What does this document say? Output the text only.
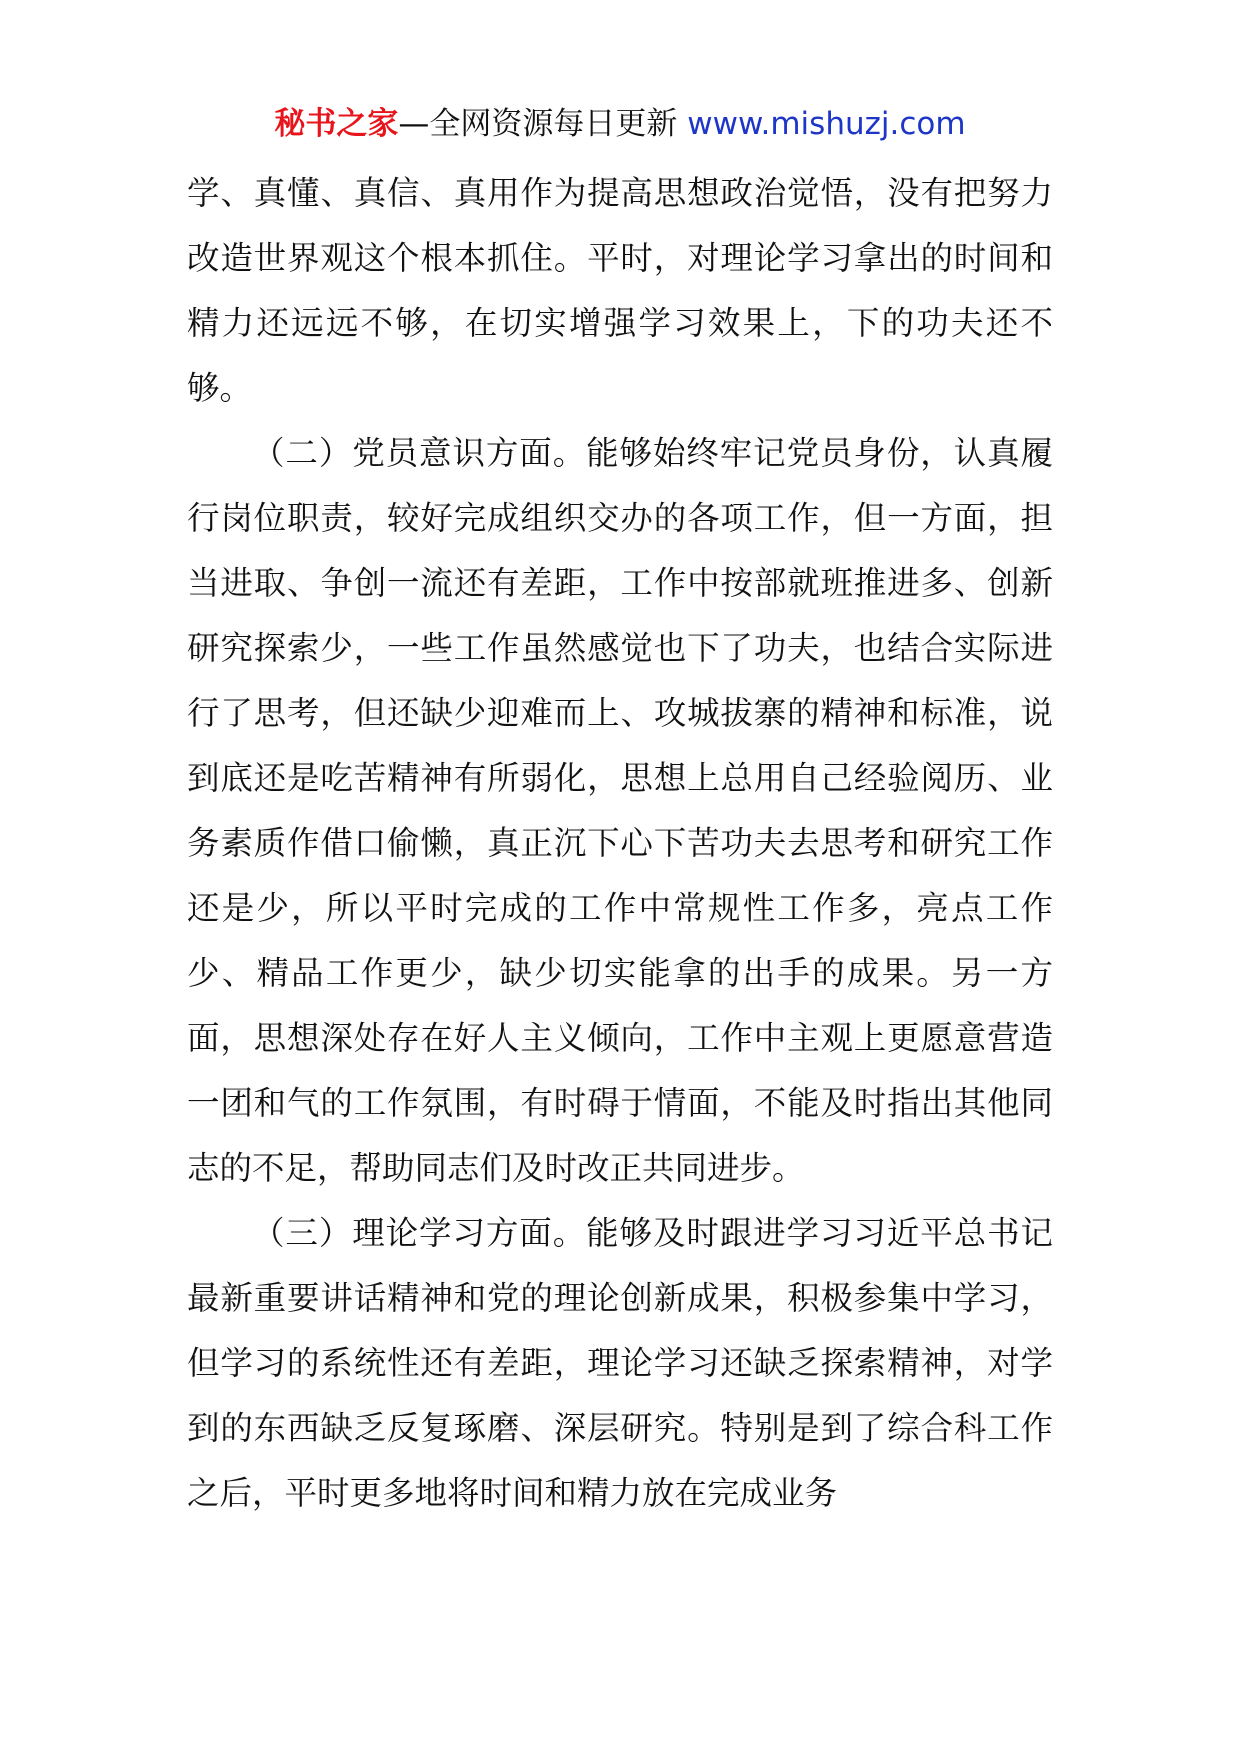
秘书之家—全网资源每日更新 www.mishuzj.com

学、真懂、真信、真用作为提高思想政治觉悟，没有把努力改造世界观这个根本抓住。平时，对理论学习拿出的时间和精力还远远不够，在切实增强学习效果上，下的功夫还不够。

（二）党员意识方面。能够始终牢记党员身份，认真履行岗位职责，较好完成组织交办的各项工作，但一方面，担当进取、争创一流还有差距，工作中按部就班推进多、创新研究探索少，一些工作虽然感觉也下了功夫，也结合实际进行了思考，但还缺少迎难而上、攻城拔寨的精神和标准，说到底还是吃苦精神有所弱化，思想上总用自己经验阅历、业务素质作借口偷懒，真正沉下心下苦功夫去思考和研究工作还是少，所以平时完成的工作中常规性工作多，亮点工作少、精品工作更少，缺少切实能拿的出手的成果。另一方面，思想深处存在好人主义倾向，工作中主观上更愿意营造一团和气的工作氛围，有时碍于情面，不能及时指出其他同志的不足，帮助同志们及时改正共同进步。

（三）理论学习方面。能够及时跟进学习习近平总书记最新重要讲话精神和党的理论创新成果，积极参集中学习，但学习的系统性还有差距，理论学习还缺乏探索精神，对学到的东西缺乏反复琢磨、深层研究。特别是到了综合科工作之后，平时更多地将时间和精力放在完成业务
